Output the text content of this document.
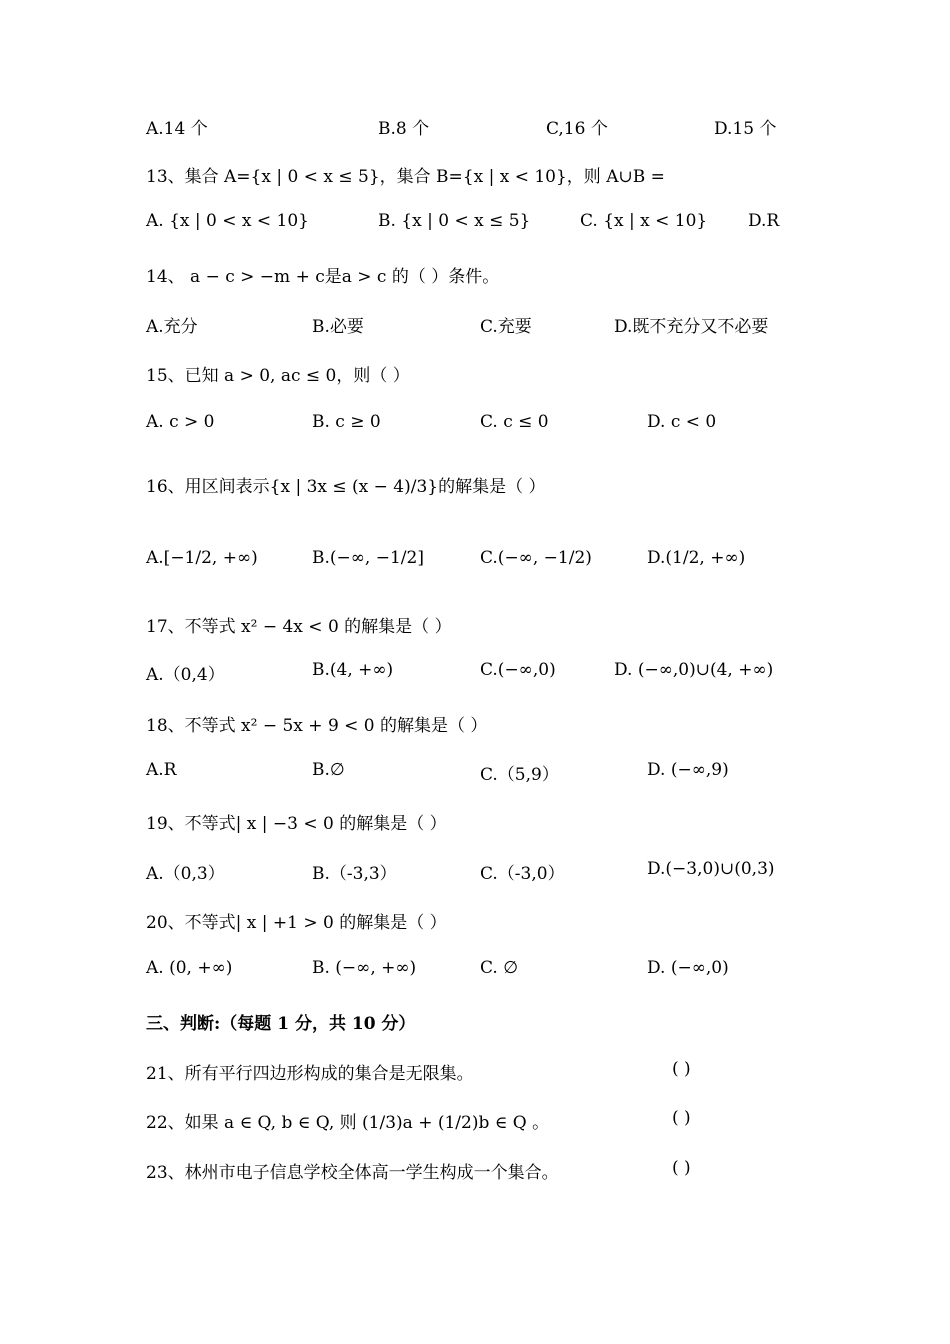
A.14 个	B.8 个	C,16 个	D.15 个
13、集合 A={x | 0 < x ≤ 5}，集合 B={x | x < 10}，则 A∪B =
A. {x | 0 < x < 10}	B. {x | 0 < x ≤ 5}	C. {x | x < 10} D.R
14、 a − c > −m + c是a > c 的（ ）条件。
A.充分	B.必要	C.充要	D.既不充分又不必要
15、已知 a > 0, ac ≤ 0，则（ ）
A. c > 0	B. c ≥ 0	C. c ≤ 0	D. c < 0
16、用区间表示{x | 3x ≤ (x − 4)/3}的解集是（ ）
A.[−1/2, +∞)	B.(−∞, −1/2]	C.(−∞, −1/2)	D.(1/2, +∞)
17、不等式 x² − 4x < 0 的解集是（ ）
A.（0,4）	B.(4, +∞)	C.(−∞,0)	D. (−∞,0)∪(4, +∞)
18、不等式 x² − 5x + 9 < 0 的解集是（ ）
A.R	B.∅	C.（5,9）	D. (−∞,9)
19、不等式| x | −3 < 0 的解集是（ ）
A.（0,3）	B.（-3,3）	C.（-3,0）	D.(−3,0)∪(0,3)
20、不等式| x | +1 > 0 的解集是（ ）
A. (0, +∞)	B. (−∞, +∞)	C. ∅	D. (−∞,0)
三、判断:（每题 1 分，共 10 分）
21、所有平行四边形构成的集合是无限集。	( )
22、如果 a ∈ Q, b ∈ Q, 则 (1/3)a + (1/2)b ∈ Q 。	( )
23、林州市电子信息学校全体高一学生构成一个集合。	( )
